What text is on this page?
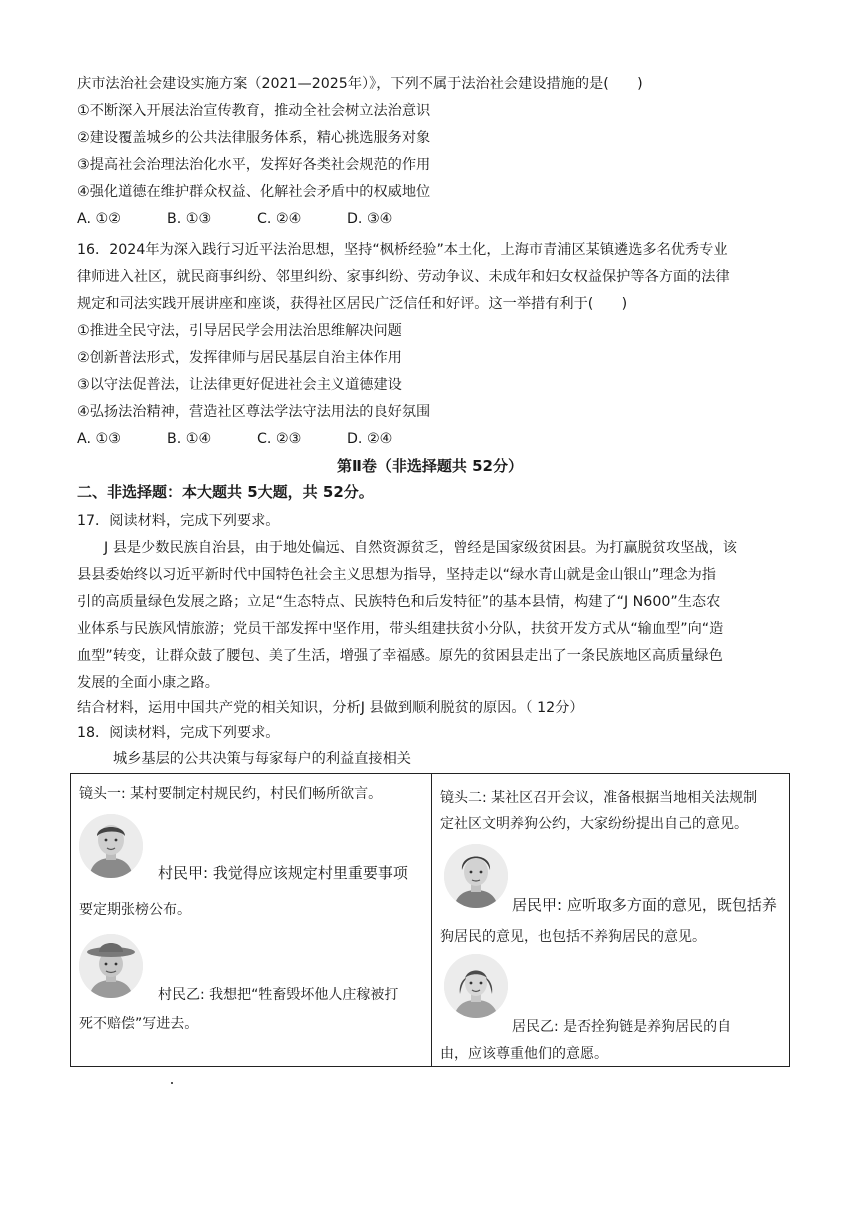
庆市法治社会建设实施方案（2021—2025年）》，下列不属于法治社会建设措施的是(　　)
①不断深入开展法治宣传教育，推动全社会树立法治意识
②建设覆盖城乡的公共法律服务体系，精心挑选服务对象
③提高社会治理法治化水平，发挥好各类社会规范的作用
④强化道德在维护群众权益、化解社会矛盾中的权威地位
A. ①②	B. ①③	C. ②④	D. ③④
16．2024年为深入践行习近平法治思想，坚持“枫桥经验”本土化，上海市青浦区某镇遴选多名优秀专业
律师进入社区，就民商事纠纷、邻里纠纷、家事纠纷、劳动争议、未成年和妇女权益保护等各方面的法律
规定和司法实践开展讲座和座谈，获得社区居民广泛信任和好评。这一举措有利于(　　)
①推进全民守法，引导居民学会用法治思维解决问题
②创新普法形式，发挥律师与居民基层自治主体作用
③以守法促普法，让法律更好促进社会主义道德建设
④弘扬法治精神，营造社区尊法学法守法用法的良好氛围
A. ①③	B. ①④	C. ②③	D. ②④
第Ⅱ卷（非选择题共 52分）
二、非选择题：本大题共 5大题，共 52分。
17．阅读材料，完成下列要求。
J 县是少数民族自治县，由于地处偏远、自然资源贫乏，曾经是国家级贫困县。为打赢脱贫攻坚战，该
县县委始终以习近平新时代中国特色社会主义思想为指导，坚持走以“绿水青山就是金山银山”理念为指
引的高质量绿色发展之路；立足“生态特点、民族特色和后发特征”的基本县情，构建了“J N600”生态农
业体系与民族风情旅游；党员干部发挥中坚作用，带头组建扶贫小分队，扶贫开发方式从“输血型”向“造
血型”转变，让群众鼓了腰包、美了生活，增强了幸福感。原先的贫困县走出了一条民族地区高质量绿色
发展的全面小康之路。
结合材料，运用中国共产党的相关知识，分析J 县做到顺利脱贫的原因。（ 12分）
18．阅读材料，完成下列要求。
城乡基层的公共决策与每家每户的利益直接相关
镜头一: 某村要制定村规民约，村民们畅所欲言。
村民甲: 我觉得应该规定村里重要事项
要定期张榜公布。
村民乙: 我想把“牲畜毁坏他人庄稼被打
死不赔偿”写进去。

镜头二: 某社区召开会议，准备根据当地相关法规制
定社区文明养狗公约，大家纷纷提出自己的意见。
居民甲: 应听取多方面的意见，既包括养
狗居民的意见，也包括不养狗居民的意见。
居民乙: 是否拴狗链是养狗居民的自
由，应该尊重他们的意愿。
